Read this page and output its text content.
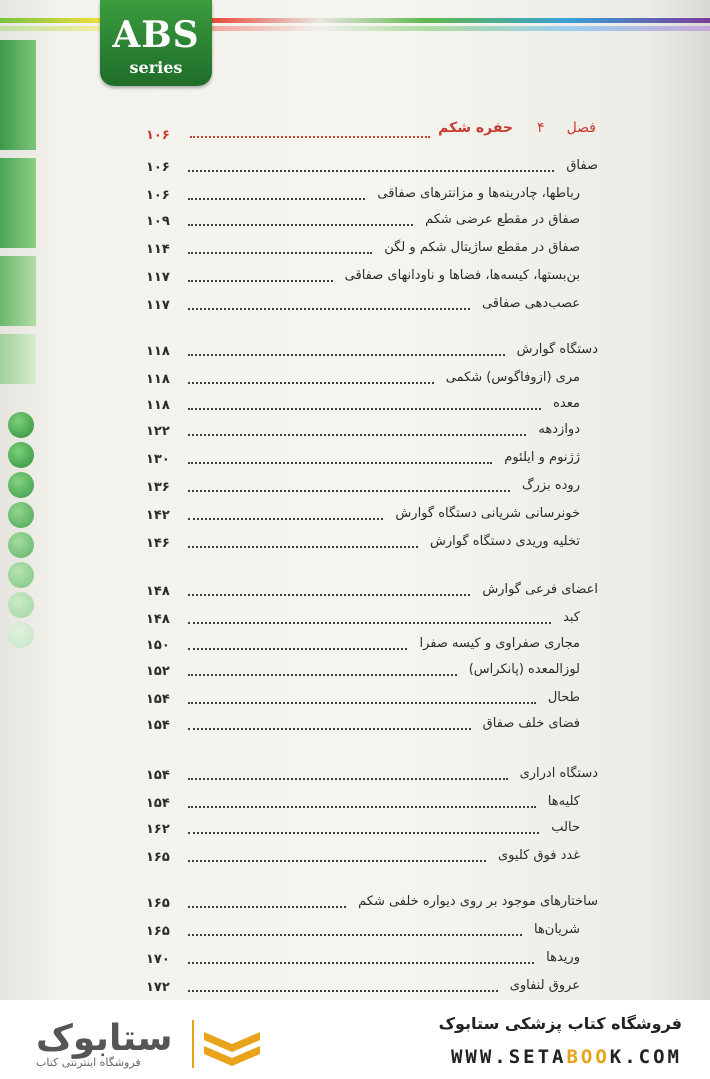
ABS
series
فصل
۴
حفره شکم
۱۰۶
۱۰۶	صفاق
۱۰۶	رباطها، چادرینه‌ها و مزانترهای صفاقی
۱۰۹	صفاق در مقطع عرضی شکم
۱۱۴	صفاق در مقطع ساژیتال شکم و لگن
۱۱۷	بن‌بستها، کیسه‌ها، فضاها و ناودانهای صفاقی
۱۱۷	عصب‌دهی صفاقی
۱۱۸	دستگاه گوارش
۱۱۸	مری (ازوفاگوس) شکمی
۱۱۸	معده
۱۲۲	دوازدهه
۱۳۰	ژژنوم و ایلئوم
۱۳۶	روده بزرگ
۱۴۲	خونرسانی شریانی دستگاه گوارش
۱۴۶	تخلیه وریدی دستگاه گوارش
۱۴۸	اعضای فرعی گوارش
۱۴۸	کبد
۱۵۰	مجاری صفراوی و کیسه صفرا
۱۵۲	لوزالمعده (پانکراس)
۱۵۴	طحال
۱۵۴	فضای خلف صفاق
۱۵۴	دستگاه ادراری
۱۵۴	کلیه‌ها
۱۶۲	حالب
۱۶۵	غدد فوق کلیوی
۱۶۵	ساختارهای موجود بر روی دیواره خلفی شکم
۱۶۵	شریان‌ها
۱۷۰	وریدها
۱۷۲	عروق لنفاوی
فروشگاه کتاب پزشکی ستابوک
WWW.SETABOOK.COM
ستابوک
فروشگاه اینترنتی کتاب
